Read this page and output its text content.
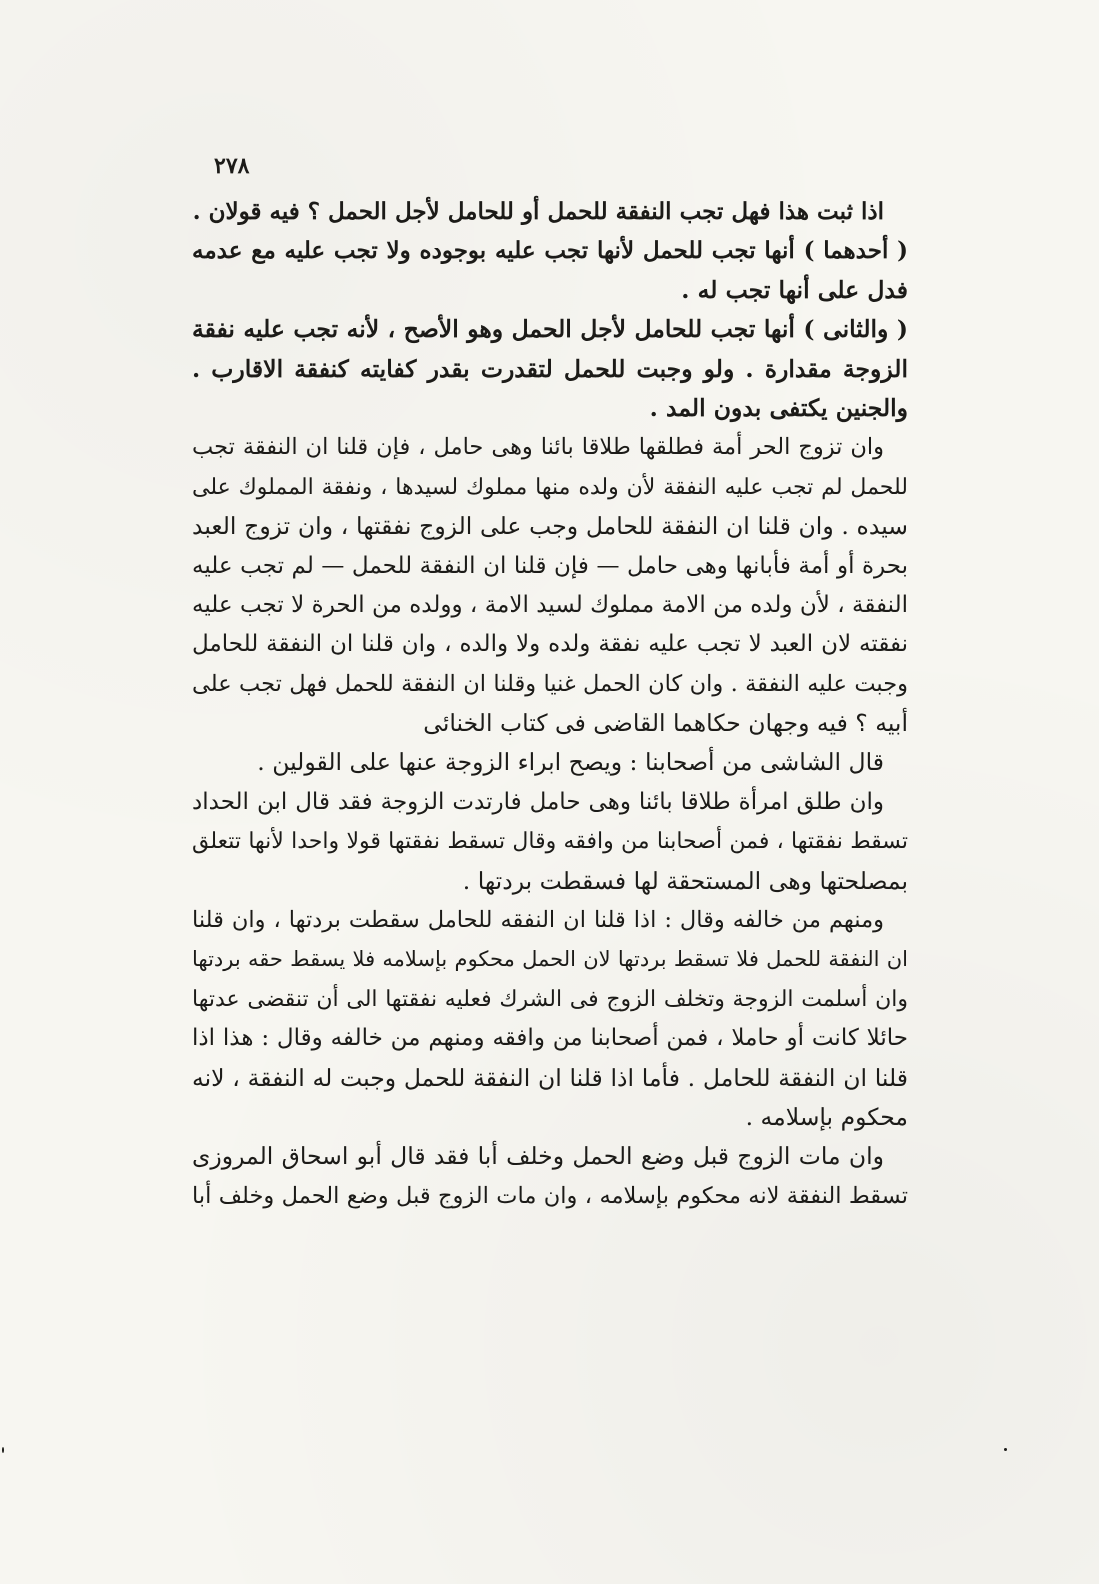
٢٧٨
اذا ثبت هذا فهل تجب النفقة للحمل أو للحامل لأجل الحمل ؟ فيه قولان .
( أحدهما ) أنها تجب للحمل لأنها تجب عليه بوجوده ولا تجب عليه مع عدمه
فدل على أنها تجب له .
( والثانى ) أنها تجب للحامل لأجل الحمل وهو الأصح ، لأنه تجب عليه نفقة
الزوجة مقدارة . ولو وجبت للحمل لتقدرت بقدر كفايته كنفقة الاقارب .
والجنين يكتفى بدون المد .
وان تزوج الحر أمة فطلقها طلاقا بائنا وهى حامل ، فإن قلنا ان النفقة تجب
للحمل لم تجب عليه النفقة لأن ولده منها مملوك لسيدها ، ونفقة المملوك على
سيده . وان قلنا ان النفقة للحامل وجب على الزوج نفقتها ، وان تزوج العبد
بحرة أو أمة فأبانها وهى حامل — فإن قلنا ان النفقة للحمل — لم تجب عليه
النفقة ، لأن ولده من الامة مملوك لسيد الامة ، وولده من الحرة لا تجب عليه
نفقته لان العبد لا تجب عليه نفقة ولده ولا والده ، وان قلنا ان النفقة للحامل
وجبت عليه النفقة . وان كان الحمل غنيا وقلنا ان النفقة للحمل فهل تجب على
أبيه ؟ فيه وجهان حكاهما القاضى فى كتاب الخنائى
قال الشاشى من أصحابنا : ويصح ابراء الزوجة عنها على القولين .
وان طلق امرأة طلاقا بائنا وهى حامل فارتدت الزوجة فقد قال ابن الحداد
تسقط نفقتها ، فمن أصحابنا من وافقه وقال تسقط نفقتها قولا واحدا لأنها تتعلق
بمصلحتها وهى المستحقة لها فسقطت بردتها .
ومنهم من خالفه وقال : اذا قلنا ان النفقه للحامل سقطت بردتها ، وان قلنا
ان النفقة للحمل فلا تسقط بردتها لان الحمل محكوم بإسلامه فلا يسقط حقه بردتها
وان أسلمت الزوجة وتخلف الزوج فى الشرك فعليه نفقتها الى أن تنقضى عدتها
حائلا كانت أو حاملا ، فمن أصحابنا من وافقه ومنهم من خالفه وقال : هذا اذا
قلنا ان النفقة للحامل . فأما اذا قلنا ان النفقة للحمل وجبت له النفقة ، لانه
محكوم بإسلامه .
وان مات الزوج قبل وضع الحمل وخلف أبا فقد قال أبو اسحاق المروزى
تسقط النفقة لانه محكوم بإسلامه ، وان مات الزوج قبل وضع الحمل وخلف أبا
